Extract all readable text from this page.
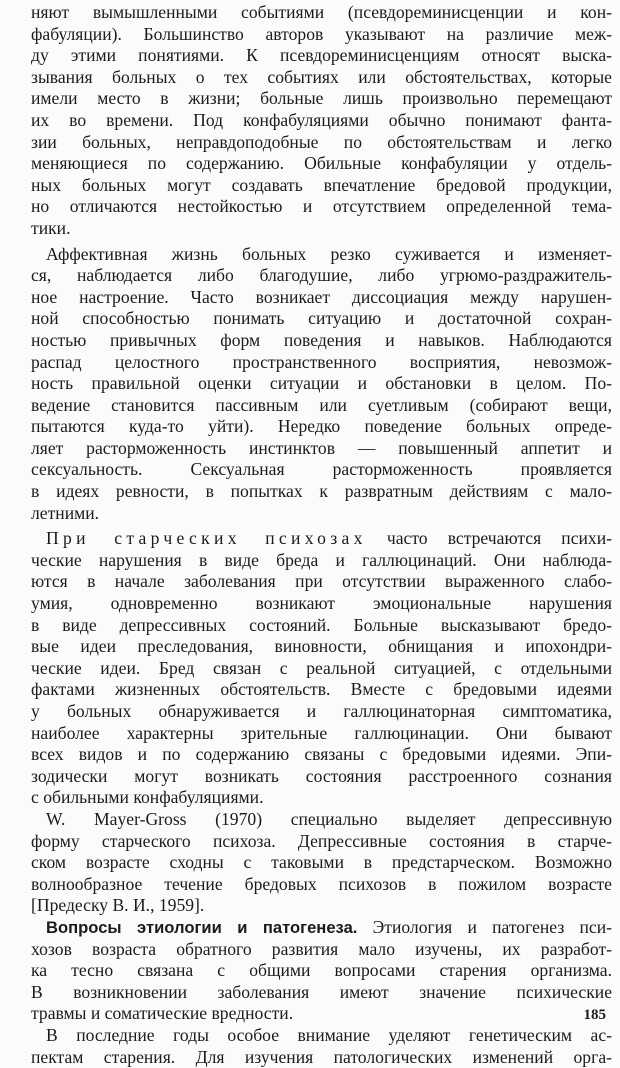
няют вымышленными событиями (псевдореминисценции и кон-
фабуляции). Большинство авторов указывают на различие меж-
ду этими понятиями. К псевдореминисценциям относят выска-
зывания больных о тех событиях или обстоятельствах, которые
имели место в жизни; больные лишь произвольно перемещают
их во времени. Под конфабуляциями обычно понимают фанта-
зии больных, неправдоподобные по обстоятельствам и легко
меняющиеся по содержанию. Обильные конфабуляции у отдель-
ных больных могут создавать впечатление бредовой продукции,
но отличаются нестойкостью и отсутствием определенной тема-
тики.
Аффективная жизнь больных резко суживается и изменяет-
ся, наблюдается либо благодушие, либо угрюмо-раздражитель-
ное настроение. Часто возникает диссоциация между нарушен-
ной способностью понимать ситуацию и достаточной сохран-
ностью привычных форм поведения и навыков. Наблюдаются
распад целостного пространственного восприятия, невозмож-
ность правильной оценки ситуации и обстановки в целом. По-
ведение становится пассивным или суетливым (собирают вещи,
пытаются куда-то уйти). Нередко поведение больных опреде-
ляет расторможенность инстинктов — повышенный аппетит и
сексуальность. Сексуальная расторможенность проявляется
в идеях ревности, в попытках к развратным действиям с мало-
летними.
При старческих психозах часто встречаются психи-
ческие нарушения в виде бреда и галлюцинаций. Они наблюда-
ются в начале заболевания при отсутствии выраженного слабо-
умия, одновременно возникают эмоциональные нарушения
в виде депрессивных состояний. Больные высказывают бредо-
вые идеи преследования, виновности, обнищания и ипохондри-
ческие идеи. Бред связан с реальной ситуацией, с отдельными
фактами жизненных обстоятельств. Вместе с бредовыми идеями
у больных обнаруживается и галлюцинаторная симптоматика,
наиболее характерны зрительные галлюцинации. Они бывают
всех видов и по содержанию связаны с бредовыми идеями. Эпи-
зодически могут возникать состояния расстроенного сознания
с обильными конфабуляциями.
W. Mayer-Gross (1970) специально выделяет депрессивную
форму старческого психоза. Депрессивные состояния в старче-
ском возрасте сходны с таковыми в предстарческом. Возможно
волнообразное течение бредовых психозов в пожилом возрасте
[Предеску В. И., 1959].
Вопросы этиологии и патогенеза. Этиология и патогенез пси-
хозов возраста обратного развития мало изучены, их разработ-
ка тесно связана с общими вопросами старения организма.
В возникновении заболевания имеют значение психические
травмы и соматические вредности.
В последние годы особое внимание уделяют генетическим ас-
пектам старения. Для изучения патологических изменений орга-
185
